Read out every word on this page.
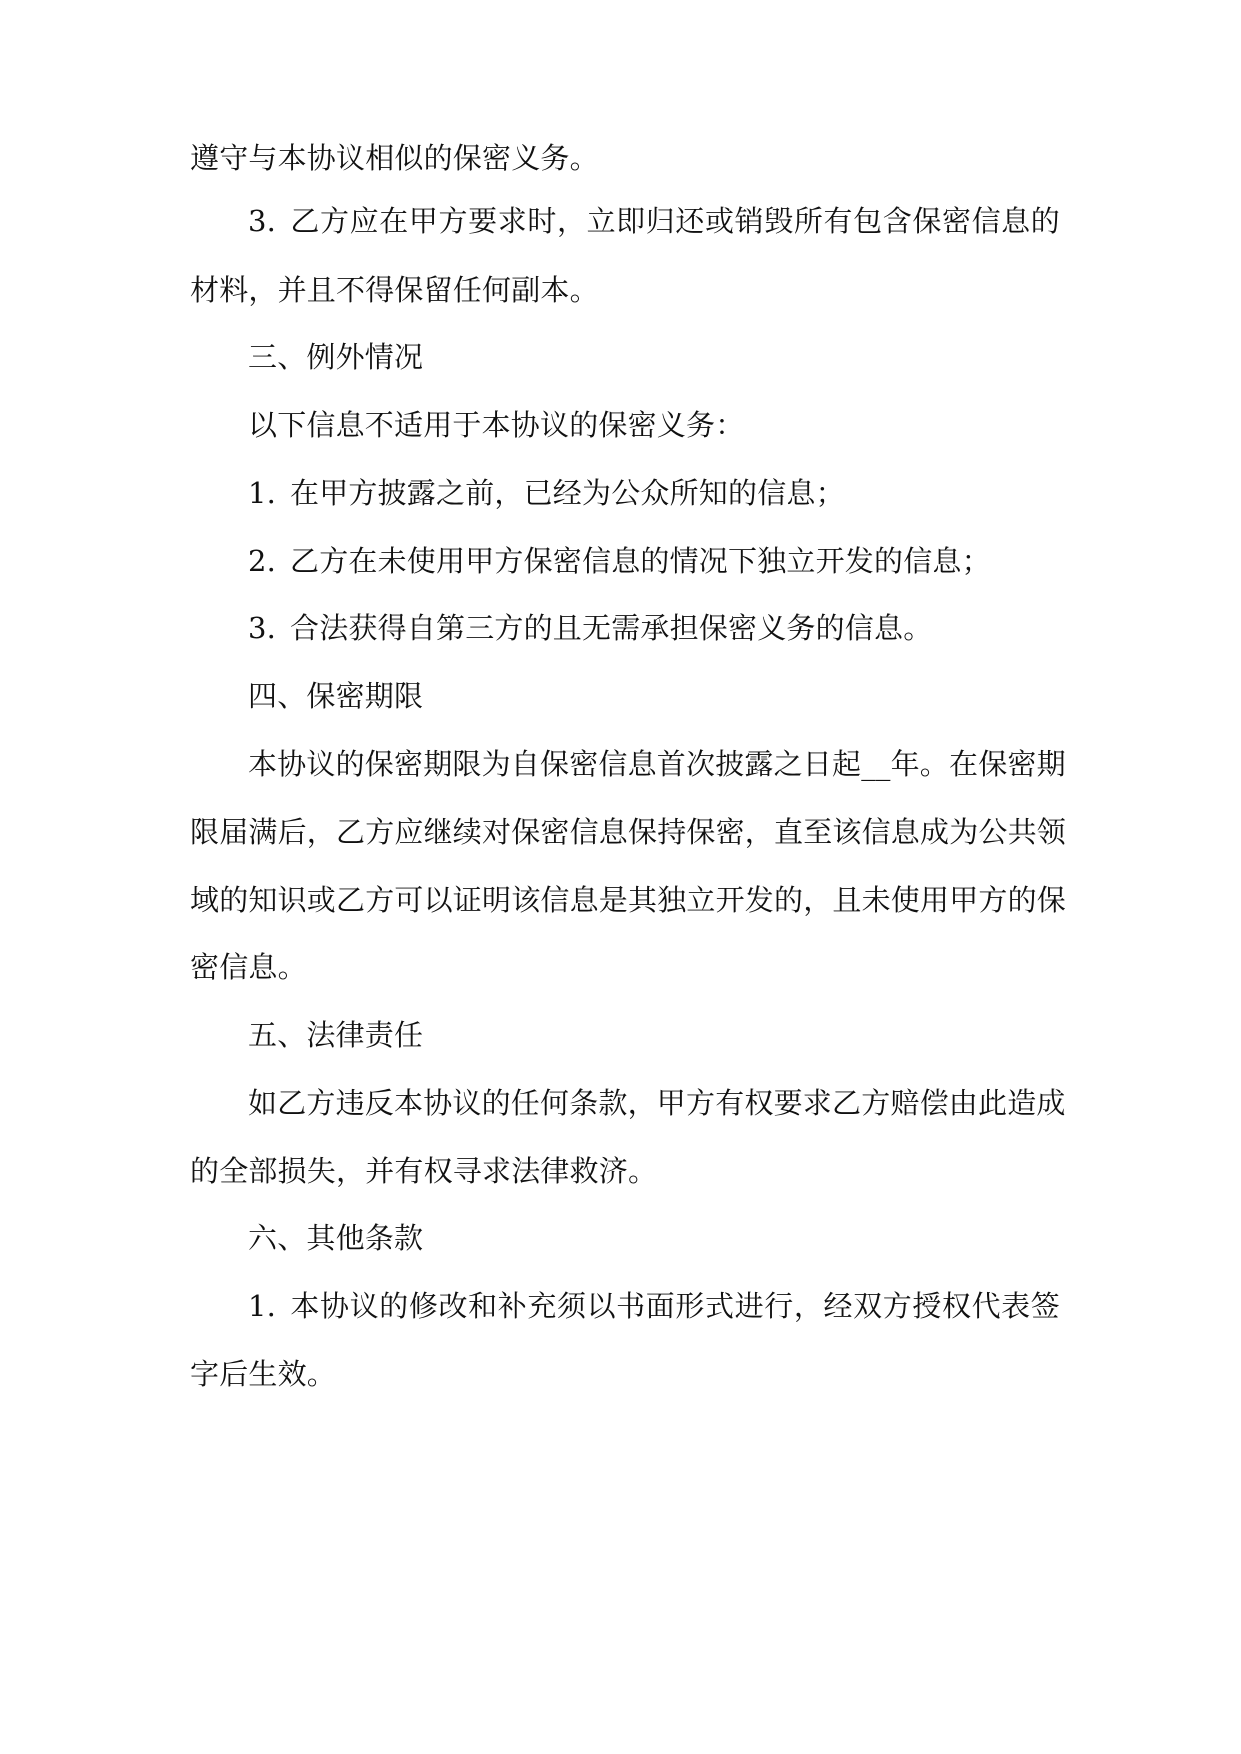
遵守与本协议相似的保密义务。
3. 乙方应在甲方要求时，立即归还或销毁所有包含保密信息的
材料，并且不得保留任何副本。
三、例外情况
以下信息不适用于本协议的保密义务：
1. 在甲方披露之前，已经为公众所知的信息；
2. 乙方在未使用甲方保密信息的情况下独立开发的信息；
3. 合法获得自第三方的且无需承担保密义务的信息。
四、保密期限
本协议的保密期限为自保密信息首次披露之日起__年。在保密期
限届满后，乙方应继续对保密信息保持保密，直至该信息成为公共领
域的知识或乙方可以证明该信息是其独立开发的，且未使用甲方的保
密信息。
五、法律责任
如乙方违反本协议的任何条款，甲方有权要求乙方赔偿由此造成
的全部损失，并有权寻求法律救济。
六、其他条款
1. 本协议的修改和补充须以书面形式进行，经双方授权代表签
字后生效。
